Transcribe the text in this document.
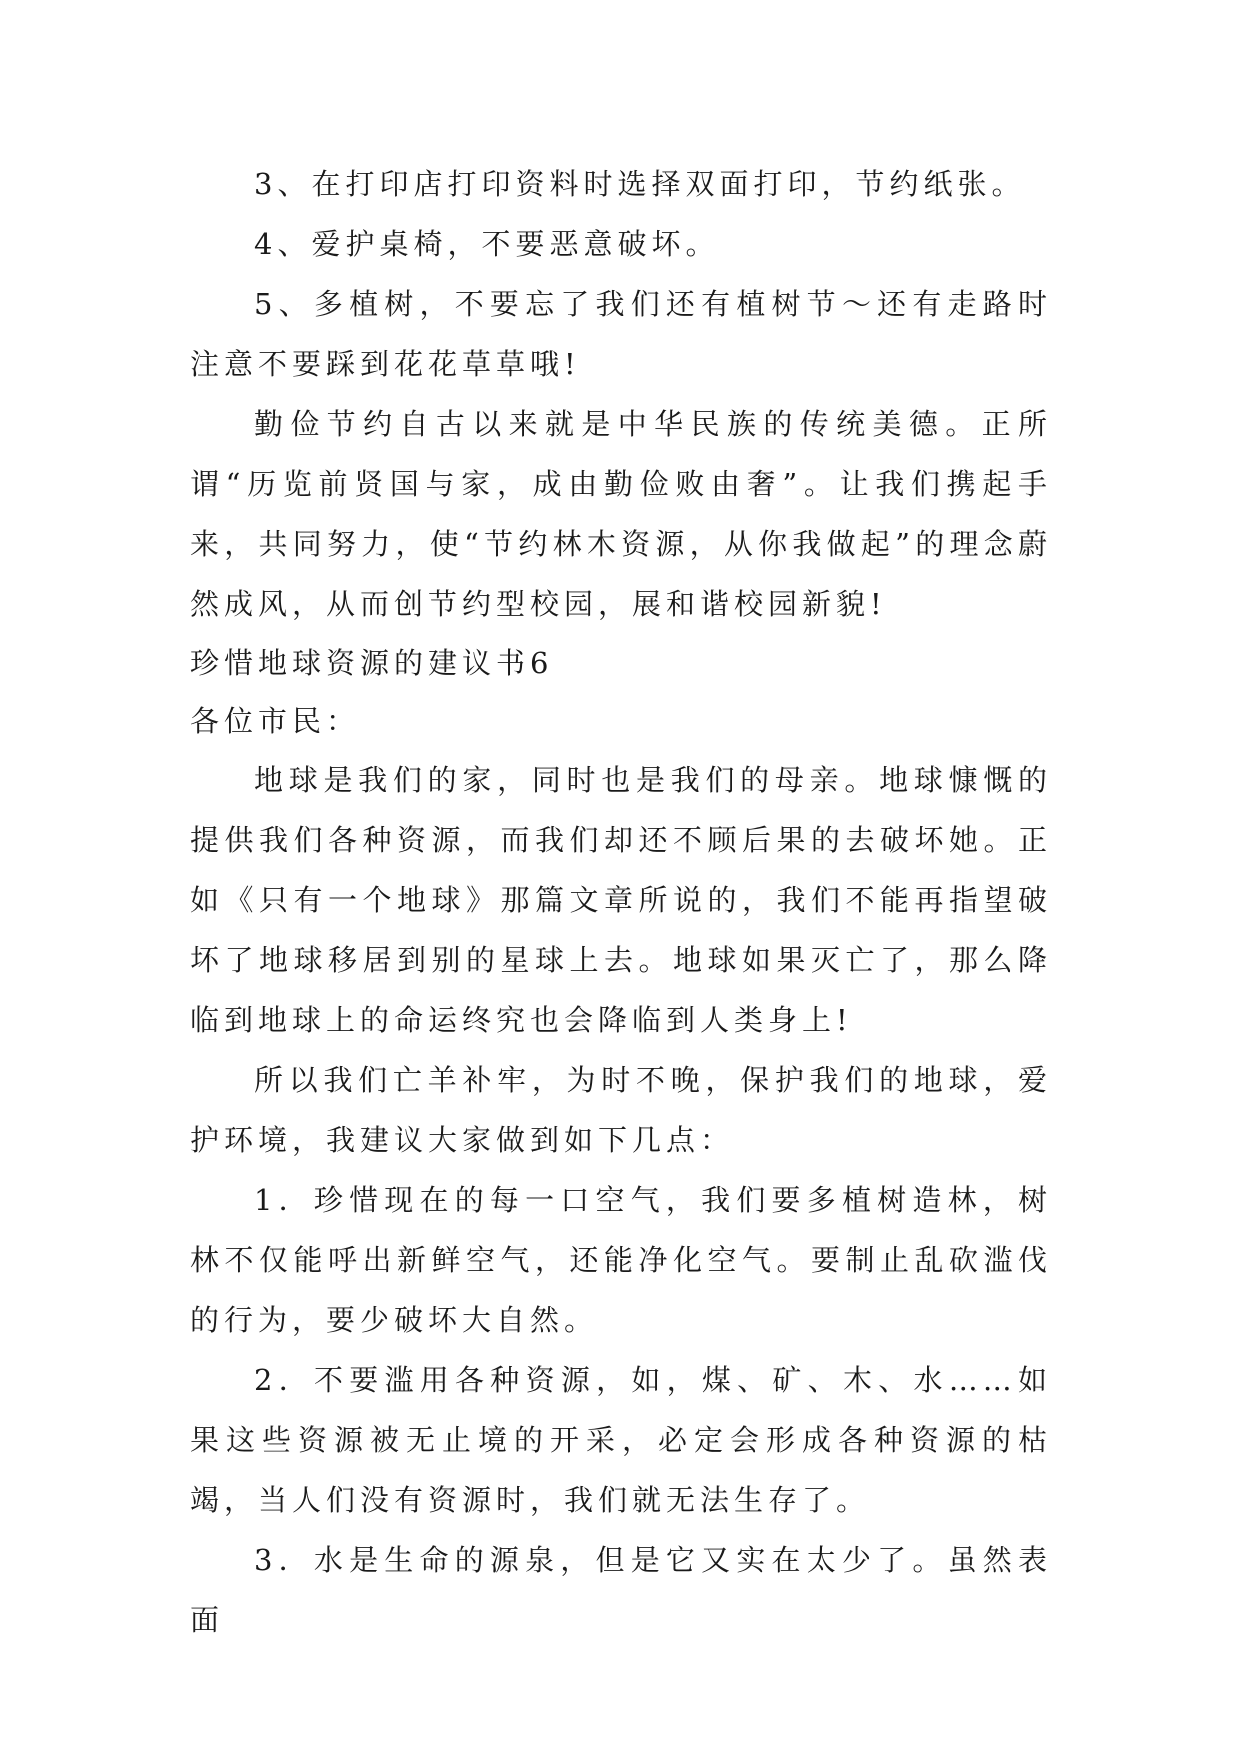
3、在打印店打印资料时选择双面打印，节约纸张。

4、爱护桌椅，不要恶意破坏。

5、多植树，不要忘了我们还有植树节～还有走路时注意不要踩到花花草草哦!

勤俭节约自古以来就是中华民族的传统美德。正所谓“历览前贤国与家，成由勤俭败由奢”。让我们携起手来，共同努力，使“节约林木资源，从你我做起”的理念蔚然成风，从而创节约型校园，展和谐校园新貌!

珍惜地球资源的建议书6

各位市民：

地球是我们的家，同时也是我们的母亲。地球慷慨的提供我们各种资源，而我们却还不顾后果的去破坏她。正如《只有一个地球》那篇文章所说的，我们不能再指望破坏了地球移居到别的星球上去。地球如果灭亡了，那么降临到地球上的命运终究也会降临到人类身上!

所以我们亡羊补牢，为时不晚，保护我们的地球，爱护环境，我建议大家做到如下几点：

1．珍惜现在的每一口空气，我们要多植树造林，树林不仅能呼出新鲜空气，还能净化空气。要制止乱砍滥伐的行为，要少破坏大自然。

2．不要滥用各种资源，如，煤、矿、木、水……如果这些资源被无止境的开采，必定会形成各种资源的枯竭，当人们没有资源时，我们就无法生存了。

3．水是生命的源泉，但是它又实在太少了。虽然表面
